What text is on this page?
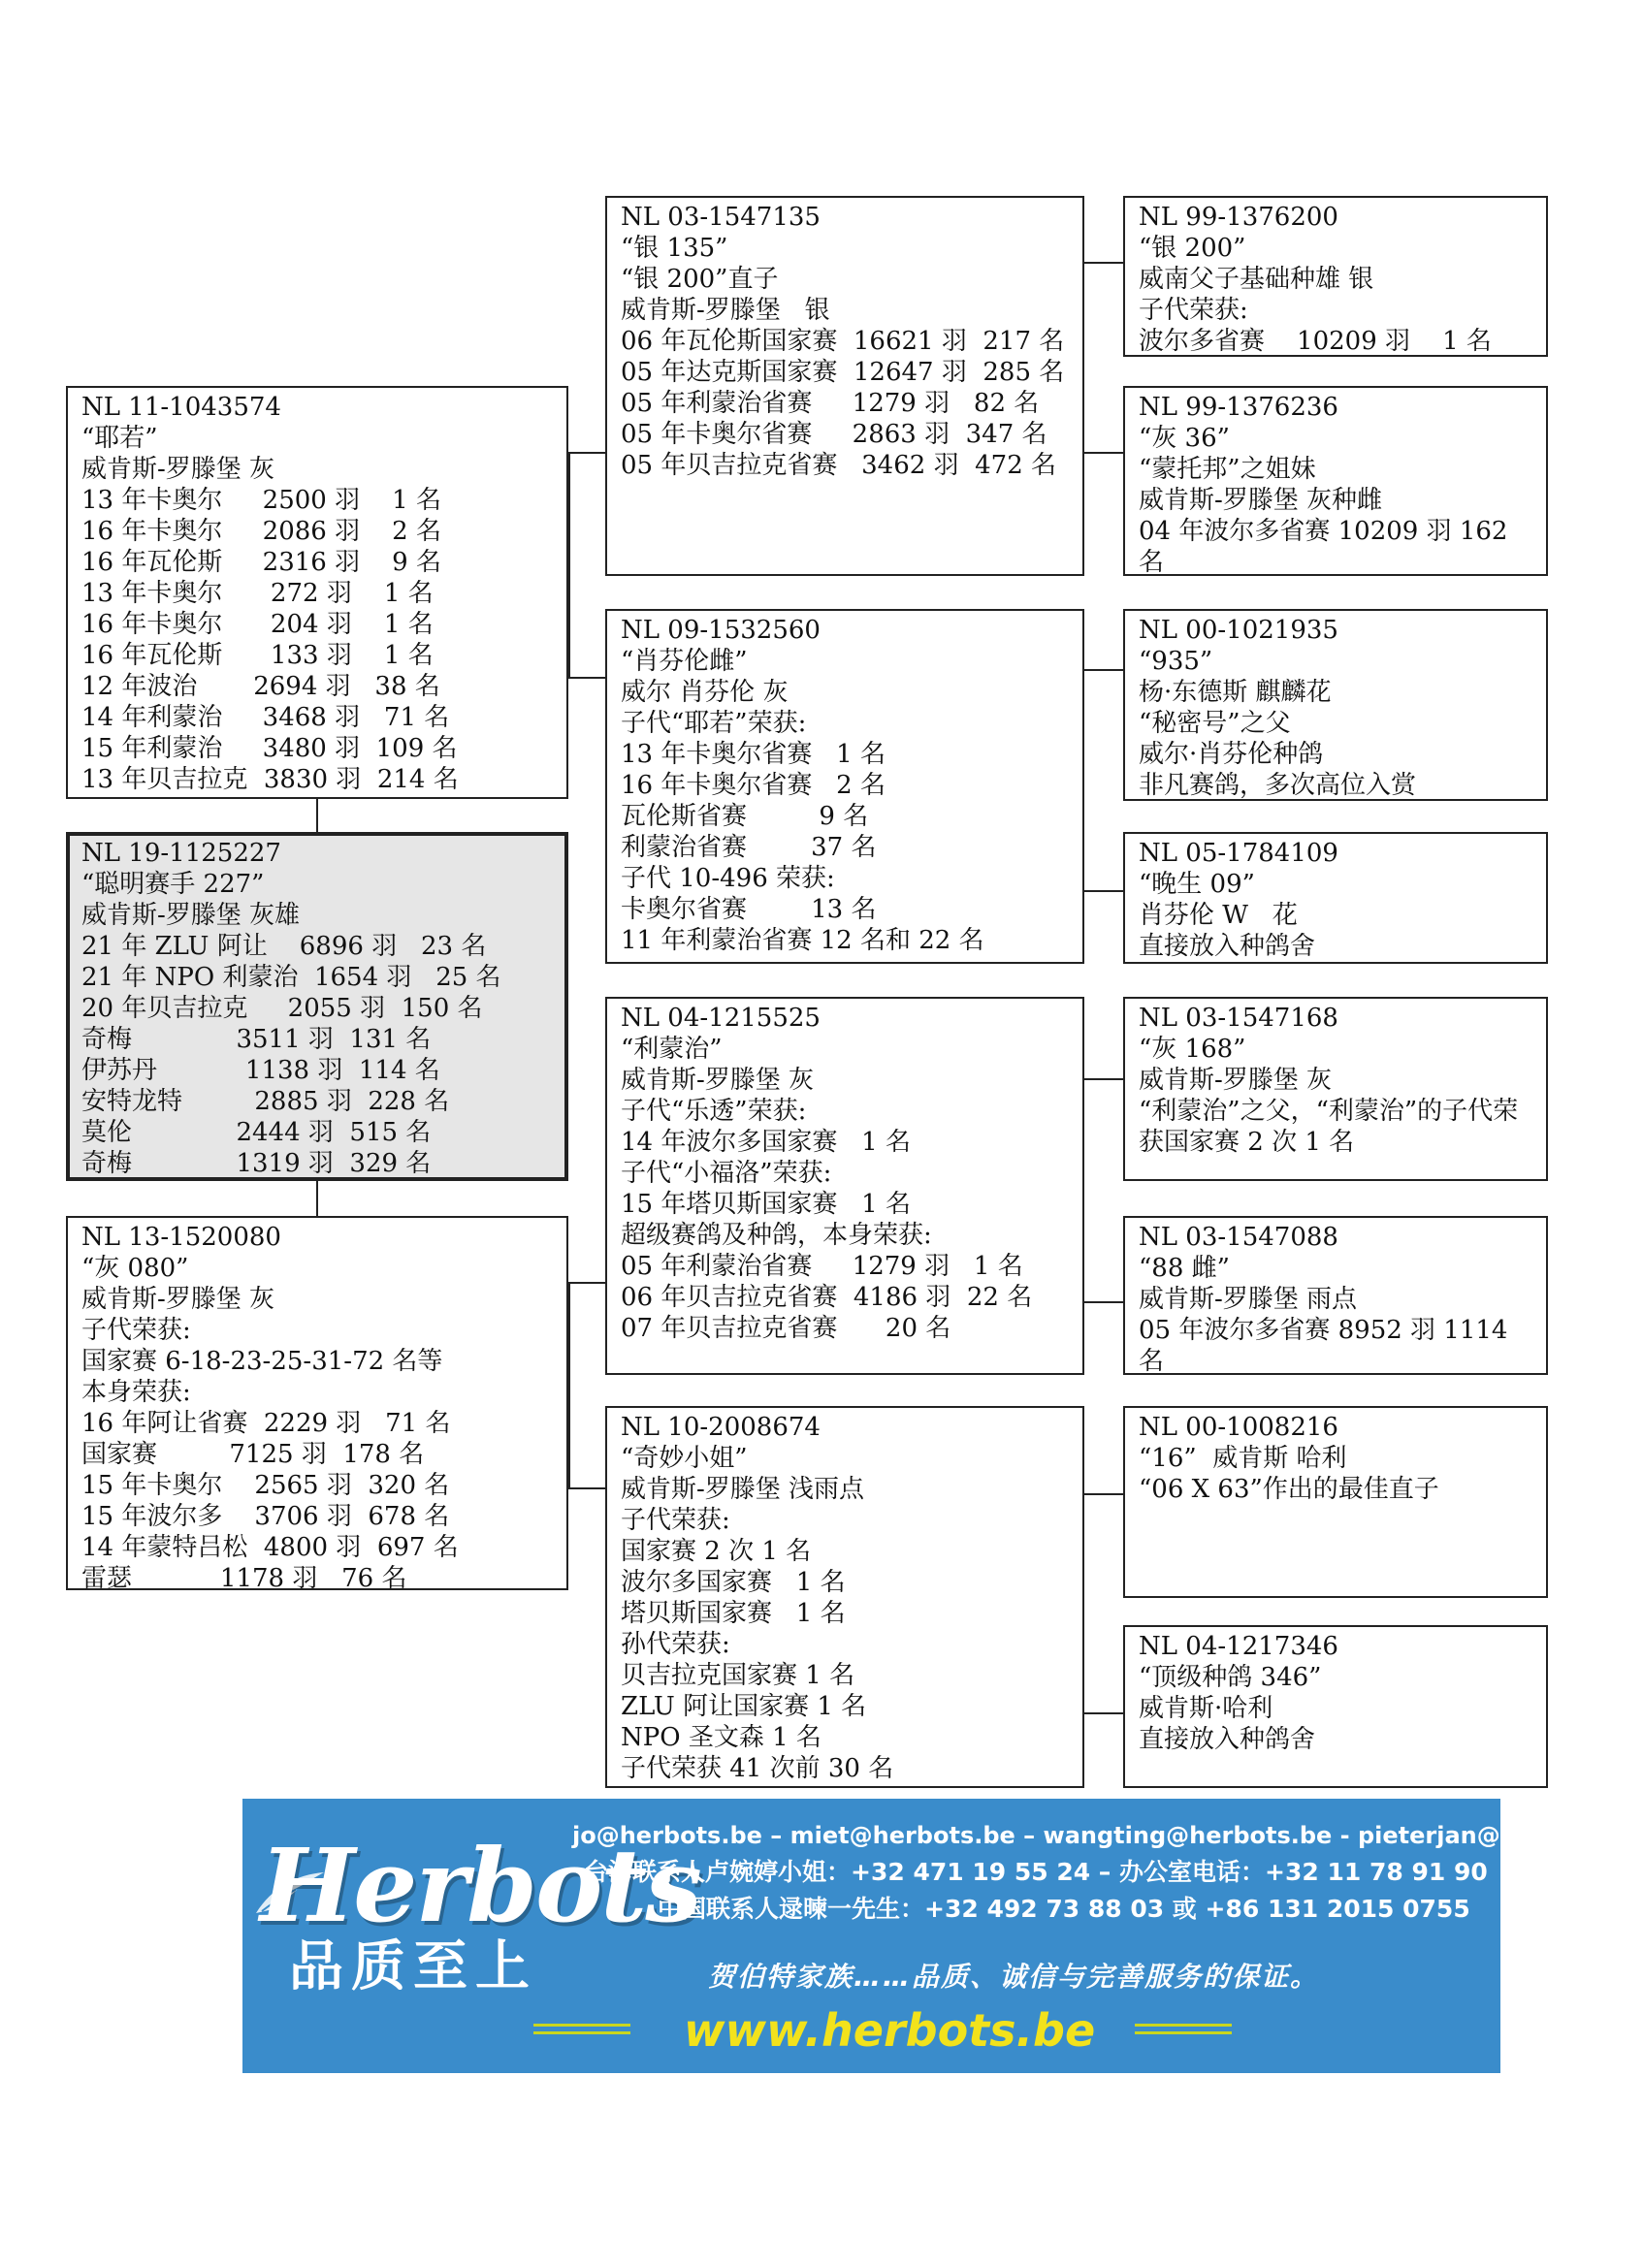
NL 11-1043574
“耶若”
威肯斯-罗滕堡 灰
13 年卡奥尔     2500 羽    1 名
16 年卡奥尔     2086 羽    2 名
16 年瓦伦斯     2316 羽    9 名
13 年卡奥尔      272 羽    1 名
16 年卡奥尔      204 羽    1 名
16 年瓦伦斯      133 羽    1 名
12 年波治       2694 羽   38 名
14 年利蒙治     3468 羽   71 名
15 年利蒙治     3480 羽  109 名
13 年贝吉拉克  3830 羽  214 名
NL 19-1125227
“聪明赛手 227”
威肯斯-罗滕堡 灰雄
21 年 ZLU 阿让    6896 羽   23 名
21 年 NPO 利蒙治  1654 羽   25 名
20 年贝吉拉克     2055 羽  150 名
奇梅             3511 羽  131 名
伊苏丹           1138 羽  114 名
安特龙特         2885 羽  228 名
莫伦             2444 羽  515 名
奇梅             1319 羽  329 名
NL 13-1520080
“灰 080”
威肯斯-罗滕堡 灰
子代荣获:
国家赛 6-18-23-25-31-72 名等
本身荣获:
16 年阿让省赛  2229 羽   71 名
国家赛         7125 羽  178 名
15 年卡奥尔    2565 羽  320 名
15 年波尔多    3706 羽  678 名
14 年蒙特吕松  4800 羽  697 名
雷瑟           1178 羽   76 名
NL 03-1547135
“银 135”
“银 200”直子
威肯斯-罗滕堡   银
06 年瓦伦斯国家赛  16621 羽  217 名
05 年达克斯国家赛  12647 羽  285 名
05 年利蒙治省赛     1279 羽   82 名
05 年卡奥尔省赛     2863 羽  347 名
05 年贝吉拉克省赛   3462 羽  472 名
NL 09-1532560
“肖芬伦雌”
威尔 肖芬伦 灰
子代“耶若”荣获:
13 年卡奥尔省赛   1 名
16 年卡奥尔省赛   2 名
瓦伦斯省赛         9 名
利蒙治省赛        37 名
子代 10-496 荣获:
卡奥尔省赛        13 名
11 年利蒙治省赛 12 名和 22 名
NL 04-1215525
“利蒙治”
威肯斯-罗滕堡 灰
子代“乐透”荣获:
14 年波尔多国家赛   1 名
子代“小福洛”荣获:
15 年塔贝斯国家赛   1 名
超级赛鸽及种鸽，本身荣获:
05 年利蒙治省赛     1279 羽   1 名
06 年贝吉拉克省赛  4186 羽  22 名
07 年贝吉拉克省赛      20 名
NL 10-2008674
“奇妙小姐”
威肯斯-罗滕堡 浅雨点
子代荣获:
国家赛 2 次 1 名
波尔多国家赛   1 名
塔贝斯国家赛   1 名
孙代荣获:
贝吉拉克国家赛 1 名
ZLU 阿让国家赛 1 名
NPO 圣文森 1 名
子代荣获 41 次前 30 名
NL 99-1376200
“银 200”
威南父子基础种雄 银
子代荣获:
波尔多省赛    10209 羽    1 名
NL 99-1376236
“灰 36”
“蒙托邦”之姐妹
威肯斯-罗滕堡 灰种雌
04 年波尔多省赛 10209 羽 162 名
NL 00-1021935
“935”
杨·东德斯 麒麟花
“秘密号”之父
威尔·肖芬伦种鸽
非凡赛鸽，多次高位入赏
NL 05-1784109
“晚生 09”
肖芬伦 W   花
直接放入种鸽舍
NL 03-1547168
“灰 168”
威肯斯-罗滕堡 灰
“利蒙治”之父，“利蒙治”的子代荣获国家赛 2 次 1 名
NL 03-1547088
“88 雌”
威肯斯-罗滕堡 雨点
05 年波尔多省赛 8952 羽 1114 名
NL 00-1008216
“16”  威肯斯 哈利
“06 X 63”作出的最佳直子
NL 04-1217346
“顶级种鸽 346”
威肯斯·哈利
直接放入种鸽舍
Herbots
品质至上
jo@herbots.be – miet@herbots.be – wangting@herbots.be - pieterjan@herbots.be
台湾联系人卢婉婷小姐：+32 471 19 55 24 – 办公室电话：+32 11 78 91 90
中国联系人逯暕一先生：+32 492 73 88 03 或 +86 131 2015 0755
贺伯特家族……品质、诚信与完善服务的保证。
www.herbots.be
